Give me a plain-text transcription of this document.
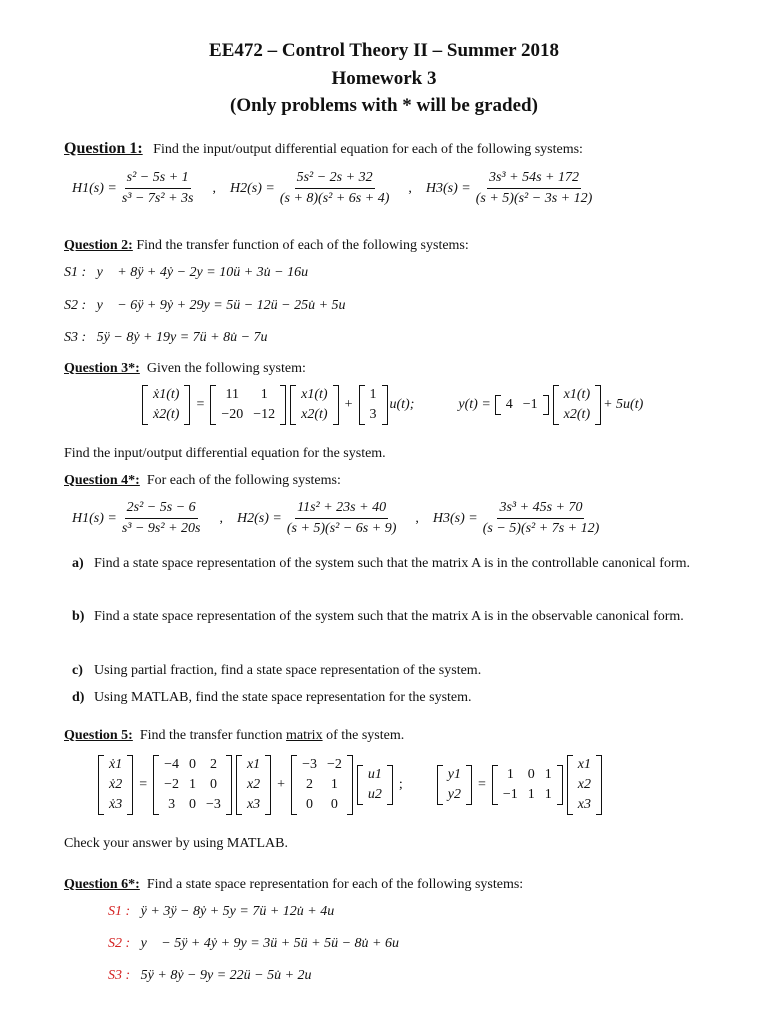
EE472 – Control Theory II – Summer 2018
Homework 3
(Only problems with * will be graded)
Question 1: Find the input/output differential equation for each of the following systems:
$H1(s) = \frac{\text{s² − 5s + 1}}{\text{s³ − 7s² + 3s}}$ , $H2(s) = \frac{\text{5s² − 2s + 32}}{\text{(s + 8)(s² + 6s + 4)}}$ , $H3(s) = \frac{\text{3s³ + 54s + 172}}{\text{(s + 5)(s² − 3s + 12)}}$
Question 2: Find the transfer function of each of the following systems:
S1 : y⃛ + 8ÿ + 4ẏ − 2y = 10ü + 3u̇ − 16u
S2 : y⃜ − 6ÿ + 9ẏ + 29y = 5ü − 12ü − 25u̇ + 5u
S3 : 5ÿ − 8ẏ + 19y = 7ü + 8u̇ − 7u
Question 3*: Given the following system:
ẋ1(t)
ẋ2(t)
=
11	1
−20	−12
x1(t)
x2(t)
+
1
3
u(t);	y(t) = 4	−1
x1(t)
x2(t)
+ 5u(t)
Find the input/output differential equation for the system.
Question 4*: For each of the following systems:
$H1(s) = \frac{\text{2s² − 5s − 6}}{\text{s³ − 9s² + 20s}}$ , $H2(s) = \frac{\text{11s² + 23s + 40}}{\text{(s + 5)(s² − 6s + 9)}}$ , $H3(s) = \frac{\text{3s³ + 45s + 70}}{\text{(s − 5)(s² + 7s + 12)}}$
a) Find a state space representation of the system such that the matrix A is in the controllable canonical form.
b) Find a state space representation of the system such that the matrix A is in the observable canonical form.
c) Using partial fraction, find a state space representation of the system.
d) Using MATLAB, find the state space representation for the system.
Question 5: Find the transfer function matrix of the system.
ẋ1
ẋ2
ẋ3
=
−4	0	2
−2	1	0
3	0	−3
x1
x2
x3
+
−3	−2
2	1
0	0
u1
u2
;
y1
y2
=
1	0	1
−1	1	1
x1
x2
x3
Check your answer by using MATLAB.
Question 6*: Find a state space representation for each of the following systems:
S1 : ÿ + 3ÿ − 8ẏ + 5y = 7ü + 12u̇ + 4u
S2 : y⃜ − 5ÿ + 4ẏ + 9y = 3ü + 5ü + 5ü − 8u̇ + 6u
S3 : 5ÿ + 8ẏ − 9y = 22ü − 5u̇ + 2u
